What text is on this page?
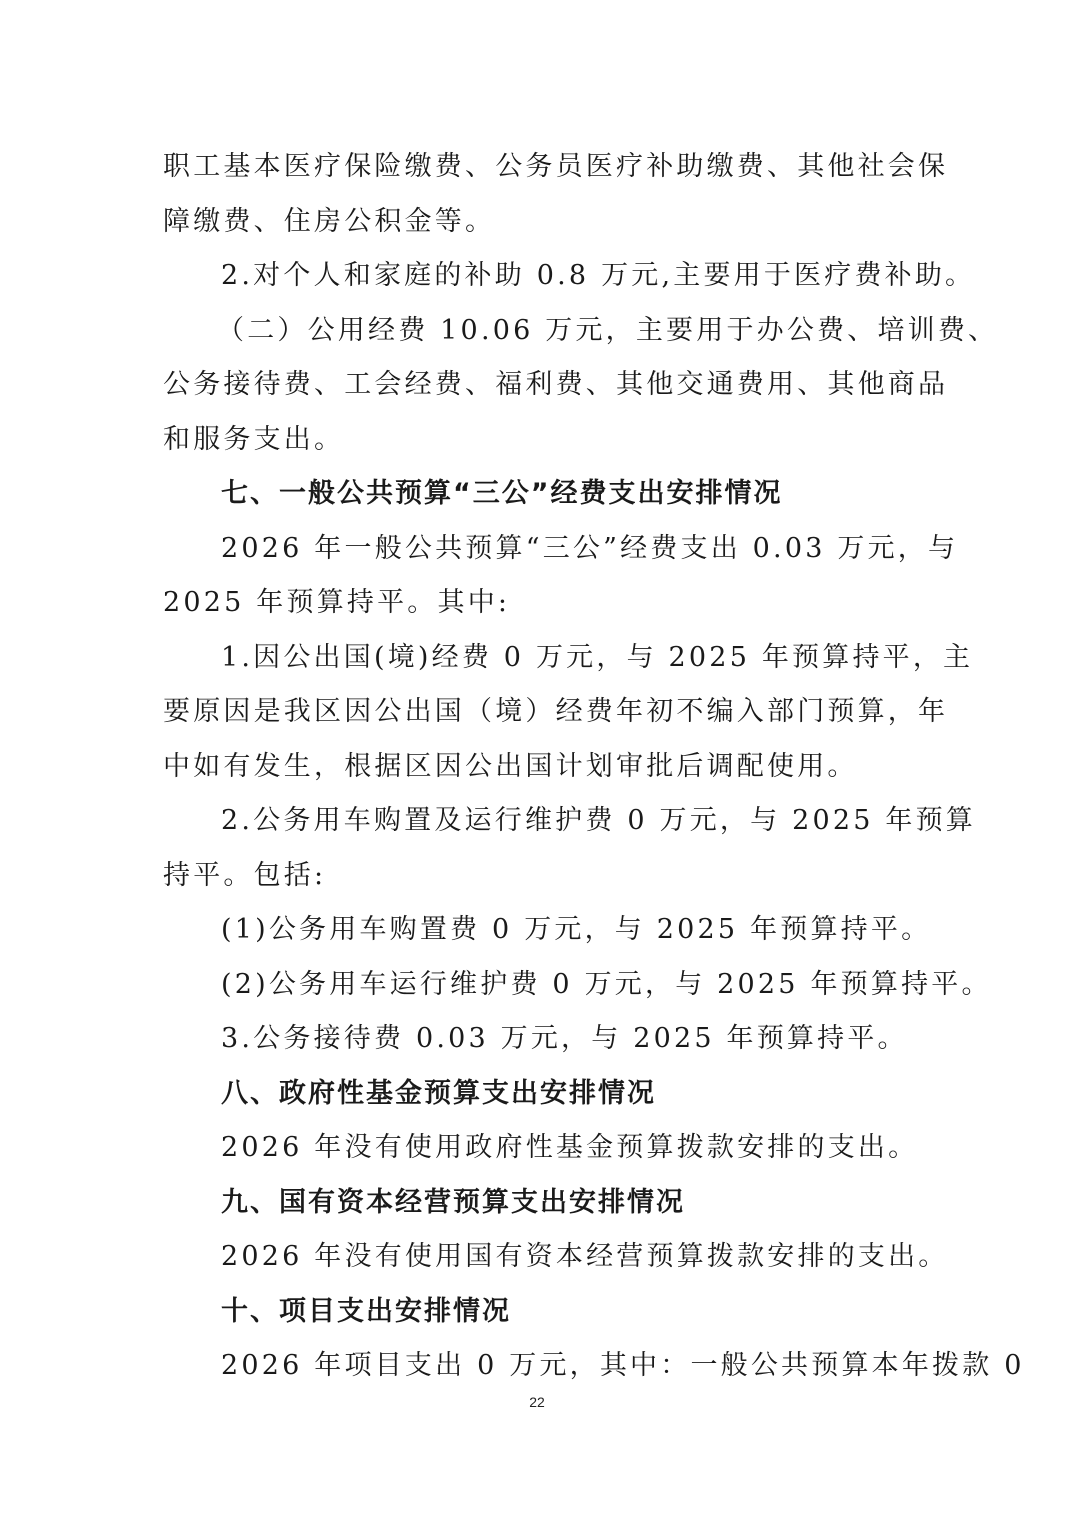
职工基本医疗保险缴费、公务员医疗补助缴费、其他社会保
障缴费、住房公积金等。
2.对个人和家庭的补助 0.8 万元,主要用于医疗费补助。
（二）公用经费 10.06 万元，主要用于办公费、培训费、
公务接待费、工会经费、福利费、其他交通费用、其他商品
和服务支出。
七、一般公共预算“三公”经费支出安排情况
2026 年一般公共预算“三公”经费支出 0.03 万元，与
2025 年预算持平。其中:
1.因公出国(境)经费 0 万元，与 2025 年预算持平，主
要原因是我区因公出国（境）经费年初不编入部门预算，年
中如有发生，根据区因公出国计划审批后调配使用。
2.公务用车购置及运行维护费 0 万元，与 2025 年预算
持平。包括:
(1)公务用车购置费 0 万元，与 2025 年预算持平。
(2)公务用车运行维护费 0 万元，与 2025 年预算持平。
3.公务接待费 0.03 万元，与 2025 年预算持平。
八、政府性基金预算支出安排情况
2026 年没有使用政府性基金预算拨款安排的支出。
九、国有资本经营预算支出安排情况
2026 年没有使用国有资本经营预算拨款安排的支出。
十、项目支出安排情况
2026 年项目支出 0 万元，其中：一般公共预算本年拨款 0
22
